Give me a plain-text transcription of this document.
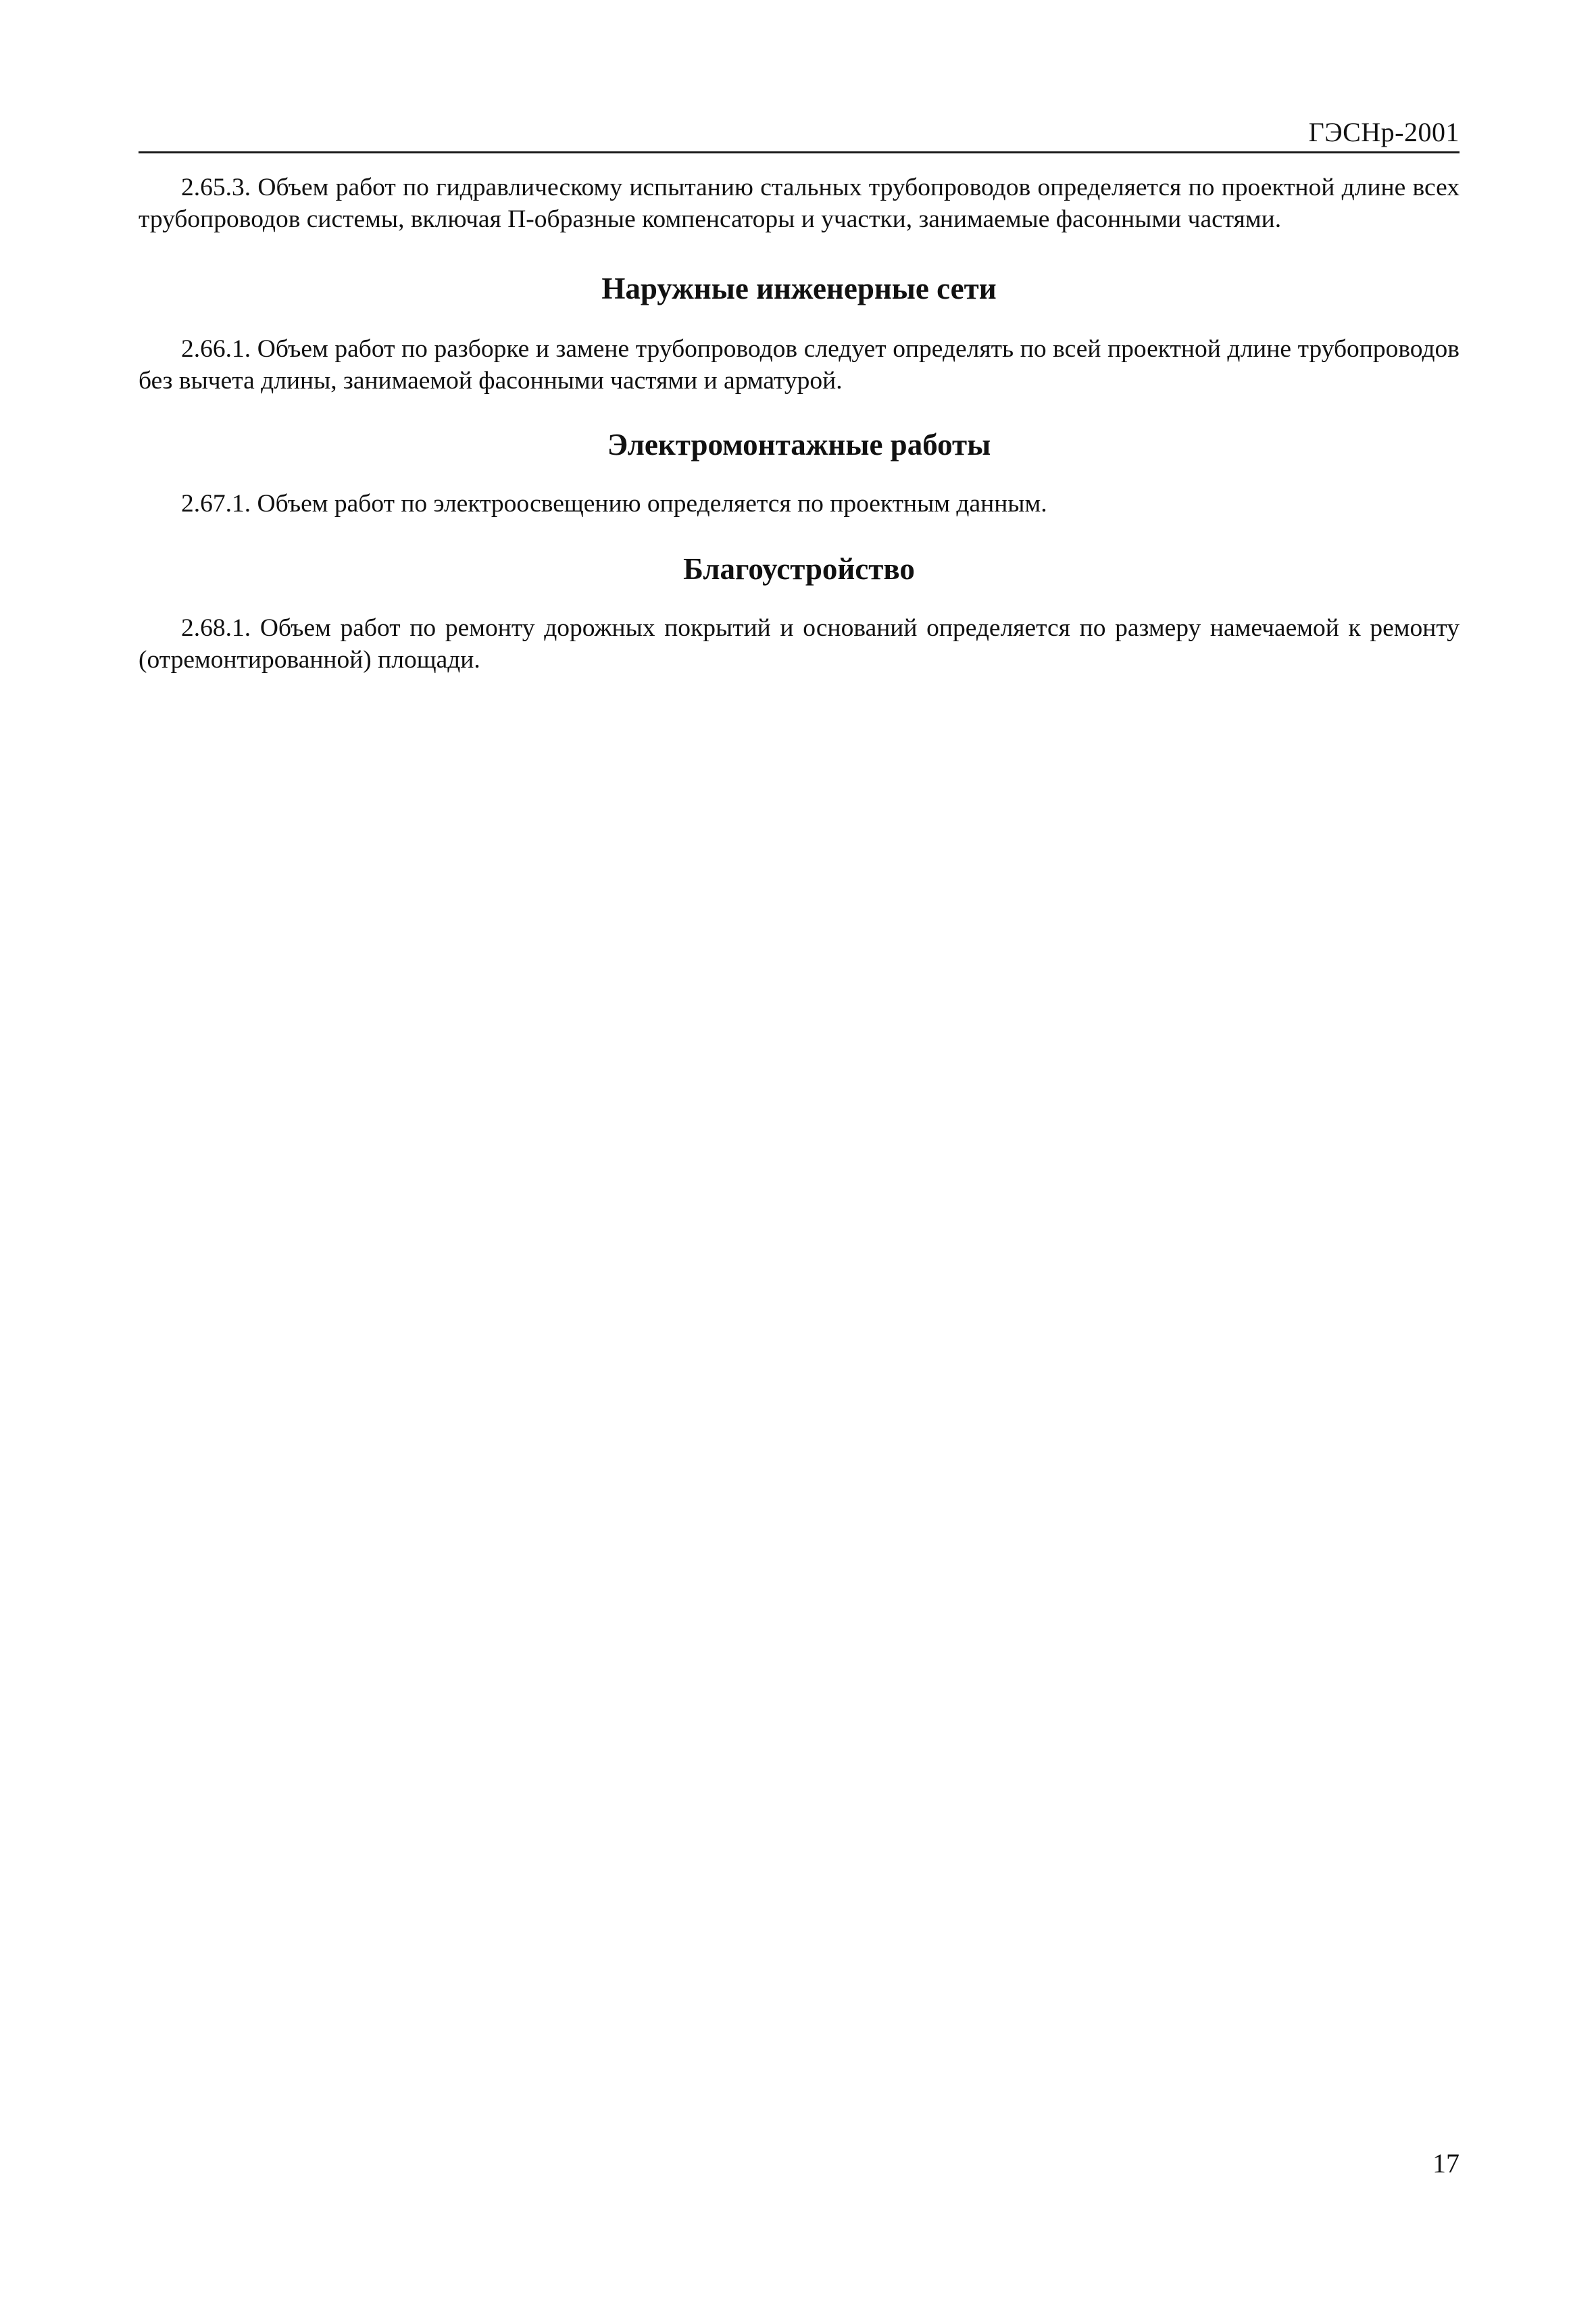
ГЭСНр-2001

2.65.3. Объем работ по гидравлическому испытанию стальных трубопроводов определяется по проектной длине всех трубопроводов системы, включая П-образные компенсаторы и участки, занимаемые фасонными частями.

Наружные инженерные сети

2.66.1. Объем работ по разборке и замене трубопроводов следует определять по всей проектной длине трубопроводов без вычета длины, занимаемой фасонными частями и арматурой.

Электромонтажные работы

2.67.1. Объем работ по электроосвещению определяется по проектным данным.

Благоустройство

2.68.1. Объем работ по ремонту дорожных покрытий и оснований определяется по размеру намечаемой к ремонту (отремонтированной) площади.

17
